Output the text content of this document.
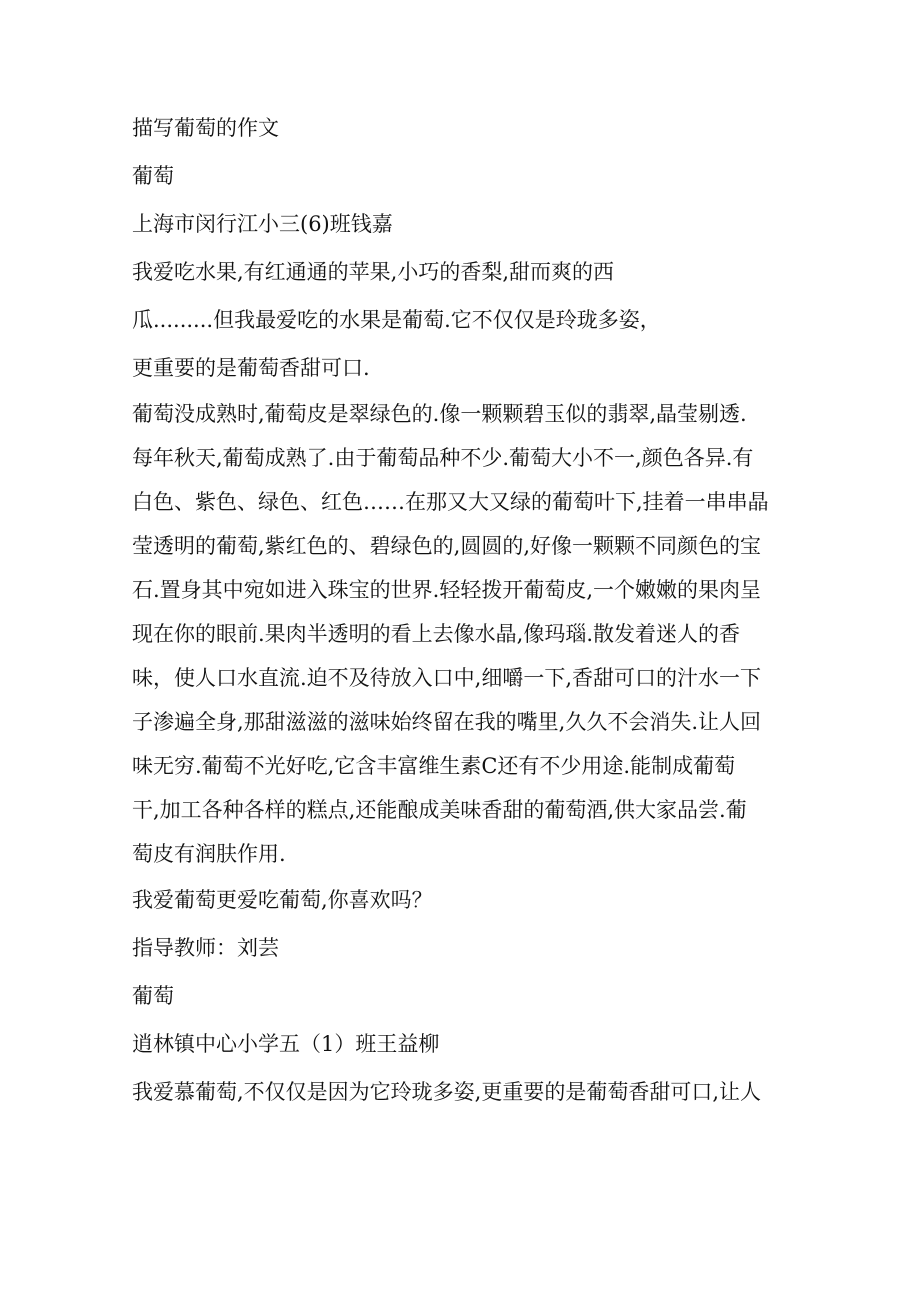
描写葡萄的作文
葡萄
上海市闵行江小三(6)班钱嘉
我爱吃水果,有红通通的苹果,小巧的香梨,甜而爽的西
瓜.........但我最爱吃的水果是葡萄.它不仅仅是玲珑多姿，
更重要的是葡萄香甜可口.
葡萄没成熟时,葡萄皮是翠绿色的.像一颗颗碧玉似的翡翠,晶莹剔透.
每年秋天,葡萄成熟了.由于葡萄品种不少.葡萄大小不一,颜色各异.有
白色、紫色、绿色、红色……在那又大又绿的葡萄叶下,挂着一串串晶
莹透明的葡萄,紫红色的、碧绿色的,圆圆的,好像一颗颗不同颜色的宝
石.置身其中宛如进入珠宝的世界.轻轻拨开葡萄皮,一个嫩嫩的果肉呈
现在你的眼前.果肉半透明的看上去像水晶,像玛瑙.散发着迷人的香
味，使人口水直流.迫不及待放入口中,细嚼一下,香甜可口的汁水一下
子渗遍全身,那甜滋滋的滋味始终留在我的嘴里,久久不会消失.让人回
味无穷.葡萄不光好吃,它含丰富维生素C还有不少用途.能制成葡萄
干,加工各种各样的糕点,还能酿成美味香甜的葡萄酒,供大家品尝.葡
萄皮有润肤作用.
我爱葡萄更爱吃葡萄,你喜欢吗？
指导教师：刘芸
葡萄
逍林镇中心小学五（1）班王益柳
我爱慕葡萄,不仅仅是因为它玲珑多姿,更重要的是葡萄香甜可口,让人
